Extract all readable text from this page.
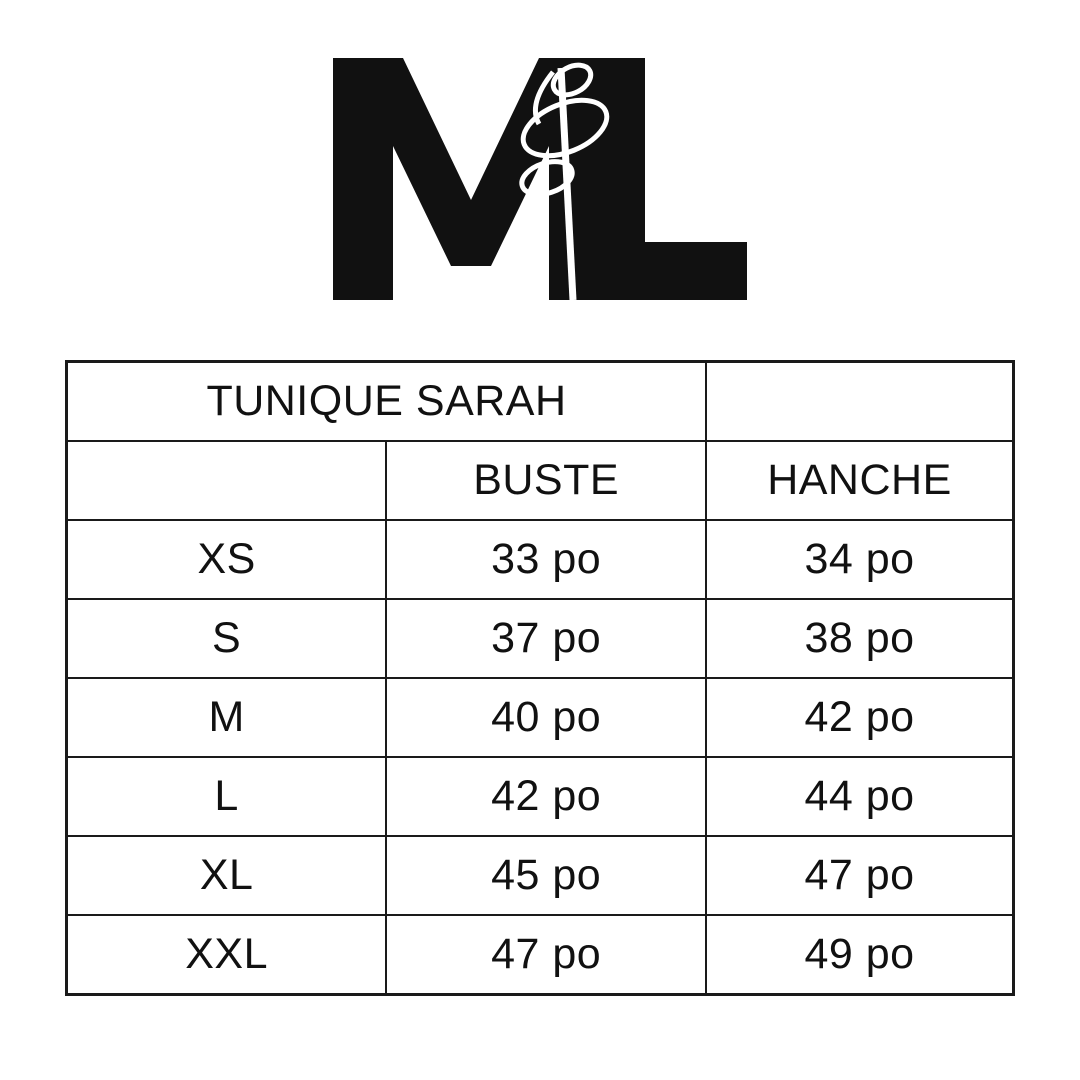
TUNIQUE SARAH		
	BUSTE	HANCHE
XS	33 po	34 po
S	37 po	38 po
M	40 po	42 po
L	42 po	44 po
XL	45 po	47 po
XXL	47 po	49 po
